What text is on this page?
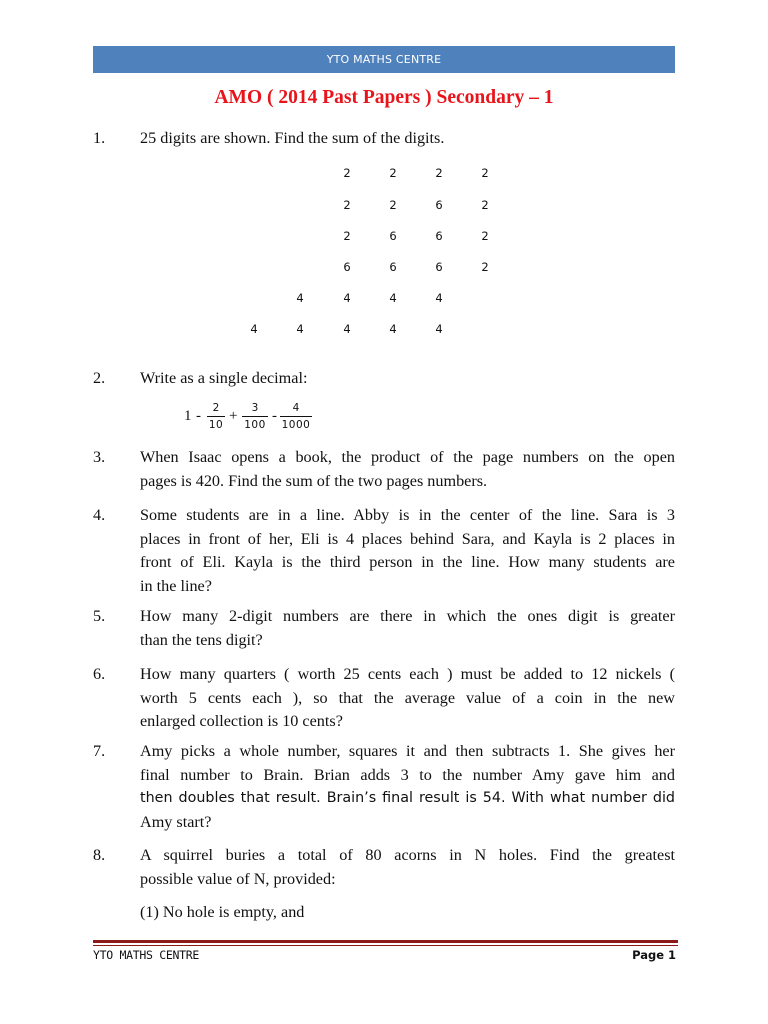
YTO MATHS CENTRE
AMO ( 2014 Past Papers ) Secondary – 1
1. 25 digits are shown. Find the sum of the digits.
2	2	2	2
2	2	6	2
2	6	6	2
6	6	6	2
4	4	4	4
4	4	4	4	4
2. Write as a single decimal:
1 -	2
10
+	3
100
-	4
1000
3. When Isaac opens a book, the product of the page numbers on the open
pages is 420. Find the sum of the two pages numbers.
4. Some students are in a line. Abby is in the center of the line. Sara is 3
places in front of her, Eli is 4 places behind Sara, and Kayla is 2 places in
front of Eli. Kayla is the third person in the line. How many students are
in the line?
5. How many 2-digit numbers are there in which the ones digit is greater
than the tens digit?
6. How many quarters ( worth 25 cents each ) must be added to 12 nickels (
worth 5 cents each ), so that the average value of a coin in the new
enlarged collection is 10 cents?
7. Amy picks a whole number, squares it and then subtracts 1. She gives her
final number to Brain. Brian adds 3 to the number Amy gave him and
then doubles that result. Brain’s final result is 54. With what number did
Amy start?
8. A squirrel buries a total of 80 acorns in N holes. Find the greatest
possible value of N, provided:
(1) No hole is empty, and
YTO MATHS CENTRE	Page 1
